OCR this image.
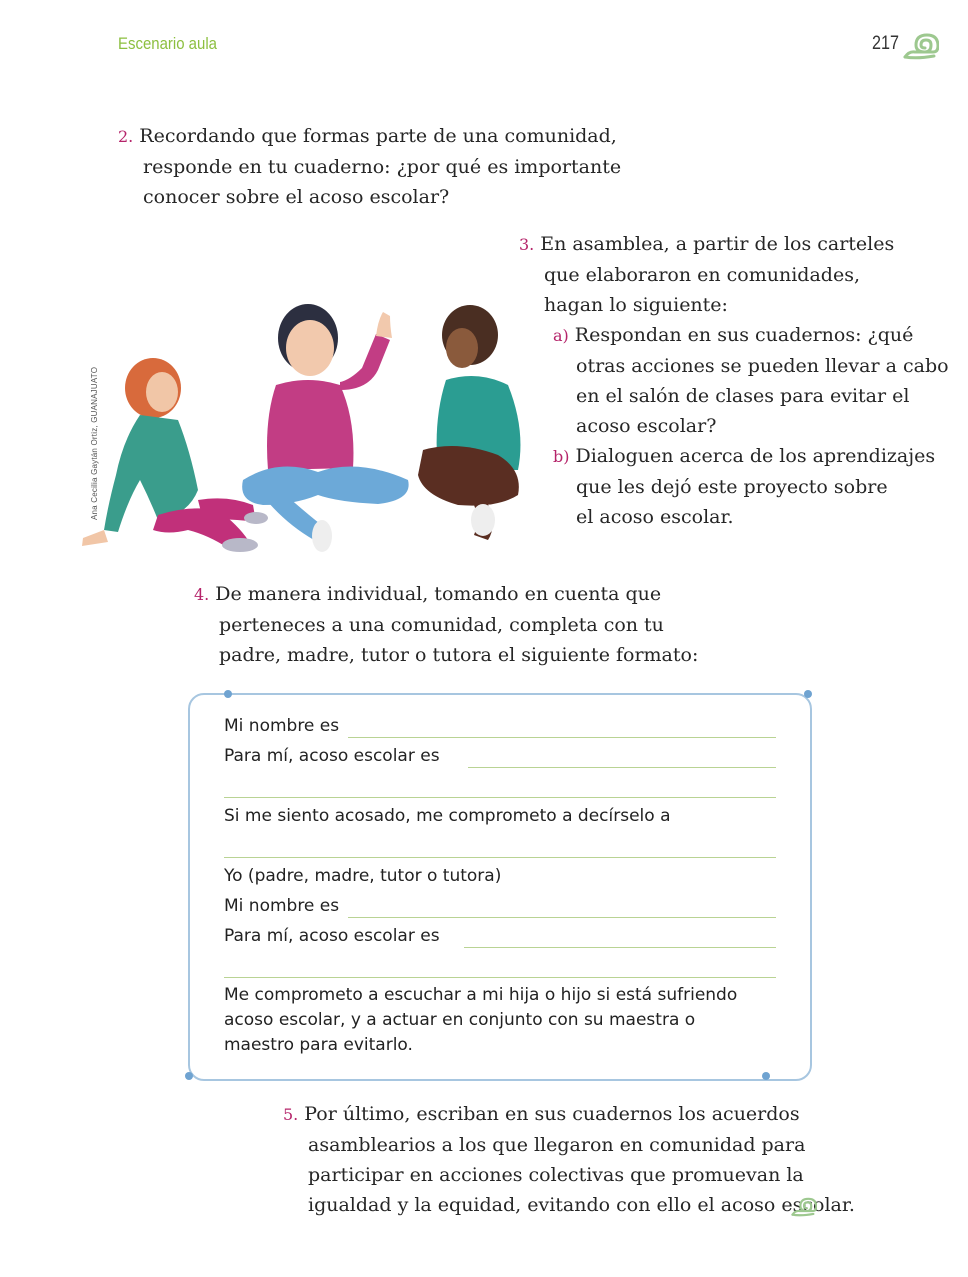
Escenario aula	217
2. Recordando que formas parte de una comunidad,
responde en tu cuaderno: ¿por qué es importante
conocer sobre el acoso escolar?
Ana Cecilia Gaytán Ortiz, GUANAJUATO
3. En asamblea, a partir de los carteles
que elaboraron en comunidades,
hagan lo siguiente:
a) Respondan en sus cuadernos: ¿qué
otras acciones se pueden llevar a cabo
en el salón de clases para evitar el
acoso escolar?
b) Dialoguen acerca de los aprendizajes
que les dejó este proyecto sobre
el acoso escolar.
4. De manera individual, tomando en cuenta que
perteneces a una comunidad, completa con tu
padre, madre, tutor o tutora el siguiente formato:
Mi nombre es
Para mí, acoso escolar es
Si me siento acosado, me comprometo a decírselo a
Yo (padre, madre, tutor o tutora)
Mi nombre es
Para mí, acoso escolar es
Me comprometo a escuchar a mi hija o hijo si está sufriendo
acoso escolar, y a actuar en conjunto con su maestra o
maestro para evitarlo.
5. Por último, escriban en sus cuadernos los acuerdos
asamblearios a los que llegaron en comunidad para
participar en acciones colectivas que promuevan la
igualdad y la equidad, evitando con ello el acoso escolar.
